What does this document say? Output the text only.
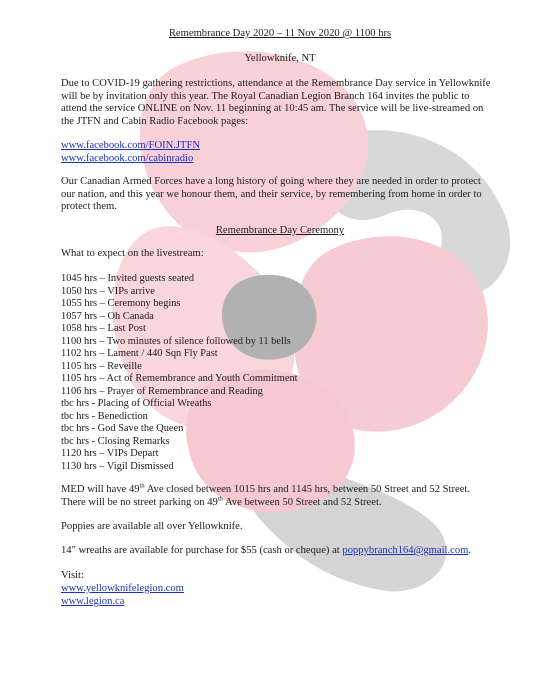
Remembrance Day 2020 – 11 Nov 2020 @ 1100 hrs
Yellowknife, NT

Due to COVID-19 gathering restrictions, attendance at the Remembrance Day service in Yellowknife

will be by invitation only this year. The Royal Canadian Legion Branch 164 invites the public to

attend the service ONLINE on Nov. 11 beginning at 10:45 am. The service will be live-streamed on

the JTFN and Cabin Radio Facebook pages:

www.facebook.com/FOIN.JTFN

www.facebook.com/cabinradio

Our Canadian Armed Forces have a long history of going where they are needed in order to protect

our nation, and this year we honour them, and their service, by remembering from home in order to

protect them.

Remembrance Day Ceremony
What to expect on the livestream:
1045 hrs – Invited guests seated
1050 hrs – VIPs arrive
1055 hrs – Ceremony begins
1057 hrs – Oh Canada
1058 hrs – Last Post
1100 hrs – Two minutes of silence followed by 11 bells
1102 hrs – Lament / 440 Sqn Fly Past
1105 hrs – Reveille
1105 hrs – Act of Remembrance and Youth Commitment
1106 hrs – Prayer of Remembrance and Reading
tbc hrs - Placing of Official Wreaths
tbc hrs - Benediction
tbc hrs - God Save the Queen
tbc hrs - Closing Remarks
1120 hrs – VIPs Depart
1130 hrs – Vigil Dismissed

MED will have 49th Ave closed between 1015 hrs and 1145 hrs, between 50 Street and 52 Street.

There will be no street parking on 49th Ave between 50 Street and 52 Street.

Poppies are available all over Yellowknife.
14" wreaths are available for purchase for $55 (cash or cheque) at poppybranch164@gmail.com.
Visit:
www.yellowknifelegion.com
www.legion.ca
